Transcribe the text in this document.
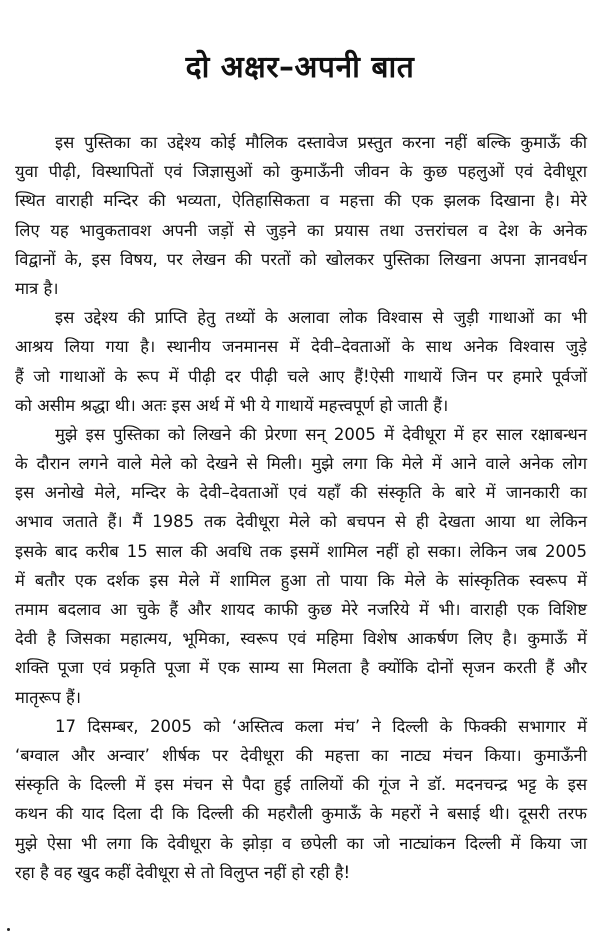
दो अक्षर–अपनी बात
इस पुस्तिका का उद्देश्य कोई मौलिक दस्तावेज प्रस्तुत करना नहीं बल्कि कुमाऊँ की
युवा पीढ़ी, विस्थापितों एवं जिज्ञासुओं को कुमाऊँनी जीवन के कुछ पहलुओं एवं देवीधूरा
स्थित वाराही मन्दिर की भव्यता, ऐतिहासिकता व महत्ता की एक झलक दिखाना है। मेरे
लिए यह भावुकतावश अपनी जड़ों से जुड़ने का प्रयास तथा उत्तरांचल व देश के अनेक
विद्वानों के, इस विषय, पर लेखन की परतों को खोलकर पुस्तिका लिखना अपना ज्ञानवर्धन
मात्र है।
इस उद्देश्य की प्राप्ति हेतु तथ्यों के अलावा लोक विश्वास से जुड़ी गाथाओं का भी
आश्रय लिया गया है। स्थानीय जनमानस में देवी–देवताओं के साथ अनेक विश्वास जुड़े
हैं जो गाथाओं के रूप में पीढ़ी दर पीढ़ी चले आए हैं!ऐसी गाथायें जिन पर हमारे पूर्वजों
को असीम श्रद्धा थी। अतः इस अर्थ में भी ये गाथायें महत्त्वपूर्ण हो जाती हैं।
मुझे इस पुस्तिका को लिखने की प्रेरणा सन् 2005 में देवीधूरा में हर साल रक्षाबन्धन
के दौरान लगने वाले मेले को देखने से मिली। मुझे लगा कि मेले में आने वाले अनेक लोग
इस अनोखे मेले, मन्दिर के देवी–देवताओं एवं यहाँ की संस्कृति के बारे में जानकारी का
अभाव जताते हैं। मैं 1985 तक देवीधूरा मेले को बचपन से ही देखता आया था लेकिन
इसके बाद करीब 15 साल की अवधि तक इसमें शामिल नहीं हो सका। लेकिन जब 2005
में बतौर एक दर्शक इस मेले में शामिल हुआ तो पाया कि मेले के सांस्कृतिक स्वरूप में
तमाम बदलाव आ चुके हैं और शायद काफी कुछ मेरे नजरिये में भी। वाराही एक विशिष्ट
देवी है जिसका महात्मय, भूमिका, स्वरूप एवं महिमा विशेष आकर्षण लिए है। कुमाऊँ में
शक्ति पूजा एवं प्रकृति पूजा में एक साम्य सा मिलता है क्योंकि दोनों सृजन करती हैं और
मातृरूप हैं।
17 दिसम्बर, 2005 को ‘अस्तित्व कला मंच’ ने दिल्ली के फिक्की सभागार में
‘बग्वाल और अन्वार’ शीर्षक पर देवीधूरा की महत्ता का नाट्य मंचन किया। कुमाऊँनी
संस्कृति के दिल्ली में इस मंचन से पैदा हुई तालियों की गूंज ने डॉ. मदनचन्द्र भट्ट के इस
कथन की याद दिला दी कि दिल्ली की महरौली कुमाऊँ के महरों ने बसाई थी। दूसरी तरफ
मुझे ऐसा भी लगा कि देवीधूरा के झोड़ा व छपेली का जो नाट्यांकन दिल्ली में किया जा
रहा है वह खुद कहीं देवीधूरा से तो विलुप्त नहीं हो रही है!
